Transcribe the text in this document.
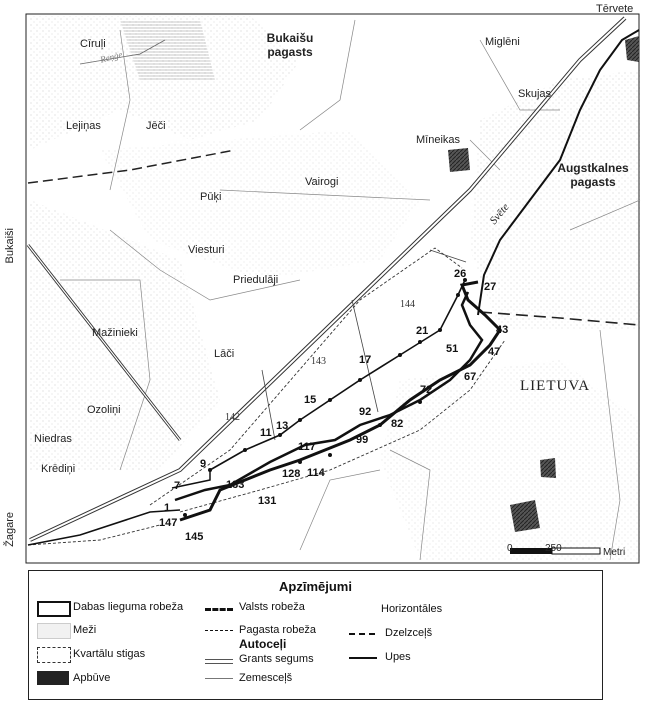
Tērvete
Cīruļi	Bukaišu
pagasts
Miglēni
Skujas
Lejiņas	Jēči
Mīneikas
Augstkalnes
pagasts
Pūķi
Vairogi
Viesturi
Priedulāji
Mažinieki
Lāči
Ozoliņi
Niedras
Krēdiņi
LIETUVA
Svēte
Reņģe
Bukaiši
Žagare
1
147
145
7
9
133
131
11
13
128 114
117
99
15
92
82
72
17
21
51
67
47
43
27
26
144
143
142
0	250	Metri
Apzīmējumi
Dabas lieguma robeža
Meži
Kvartālu stigas
Apbūve
Valsts robeža
Pagasta robeža
Autoceļi
Grants segums
Zemesceļš
Horizontāles
Dzelzceļš
Upes
